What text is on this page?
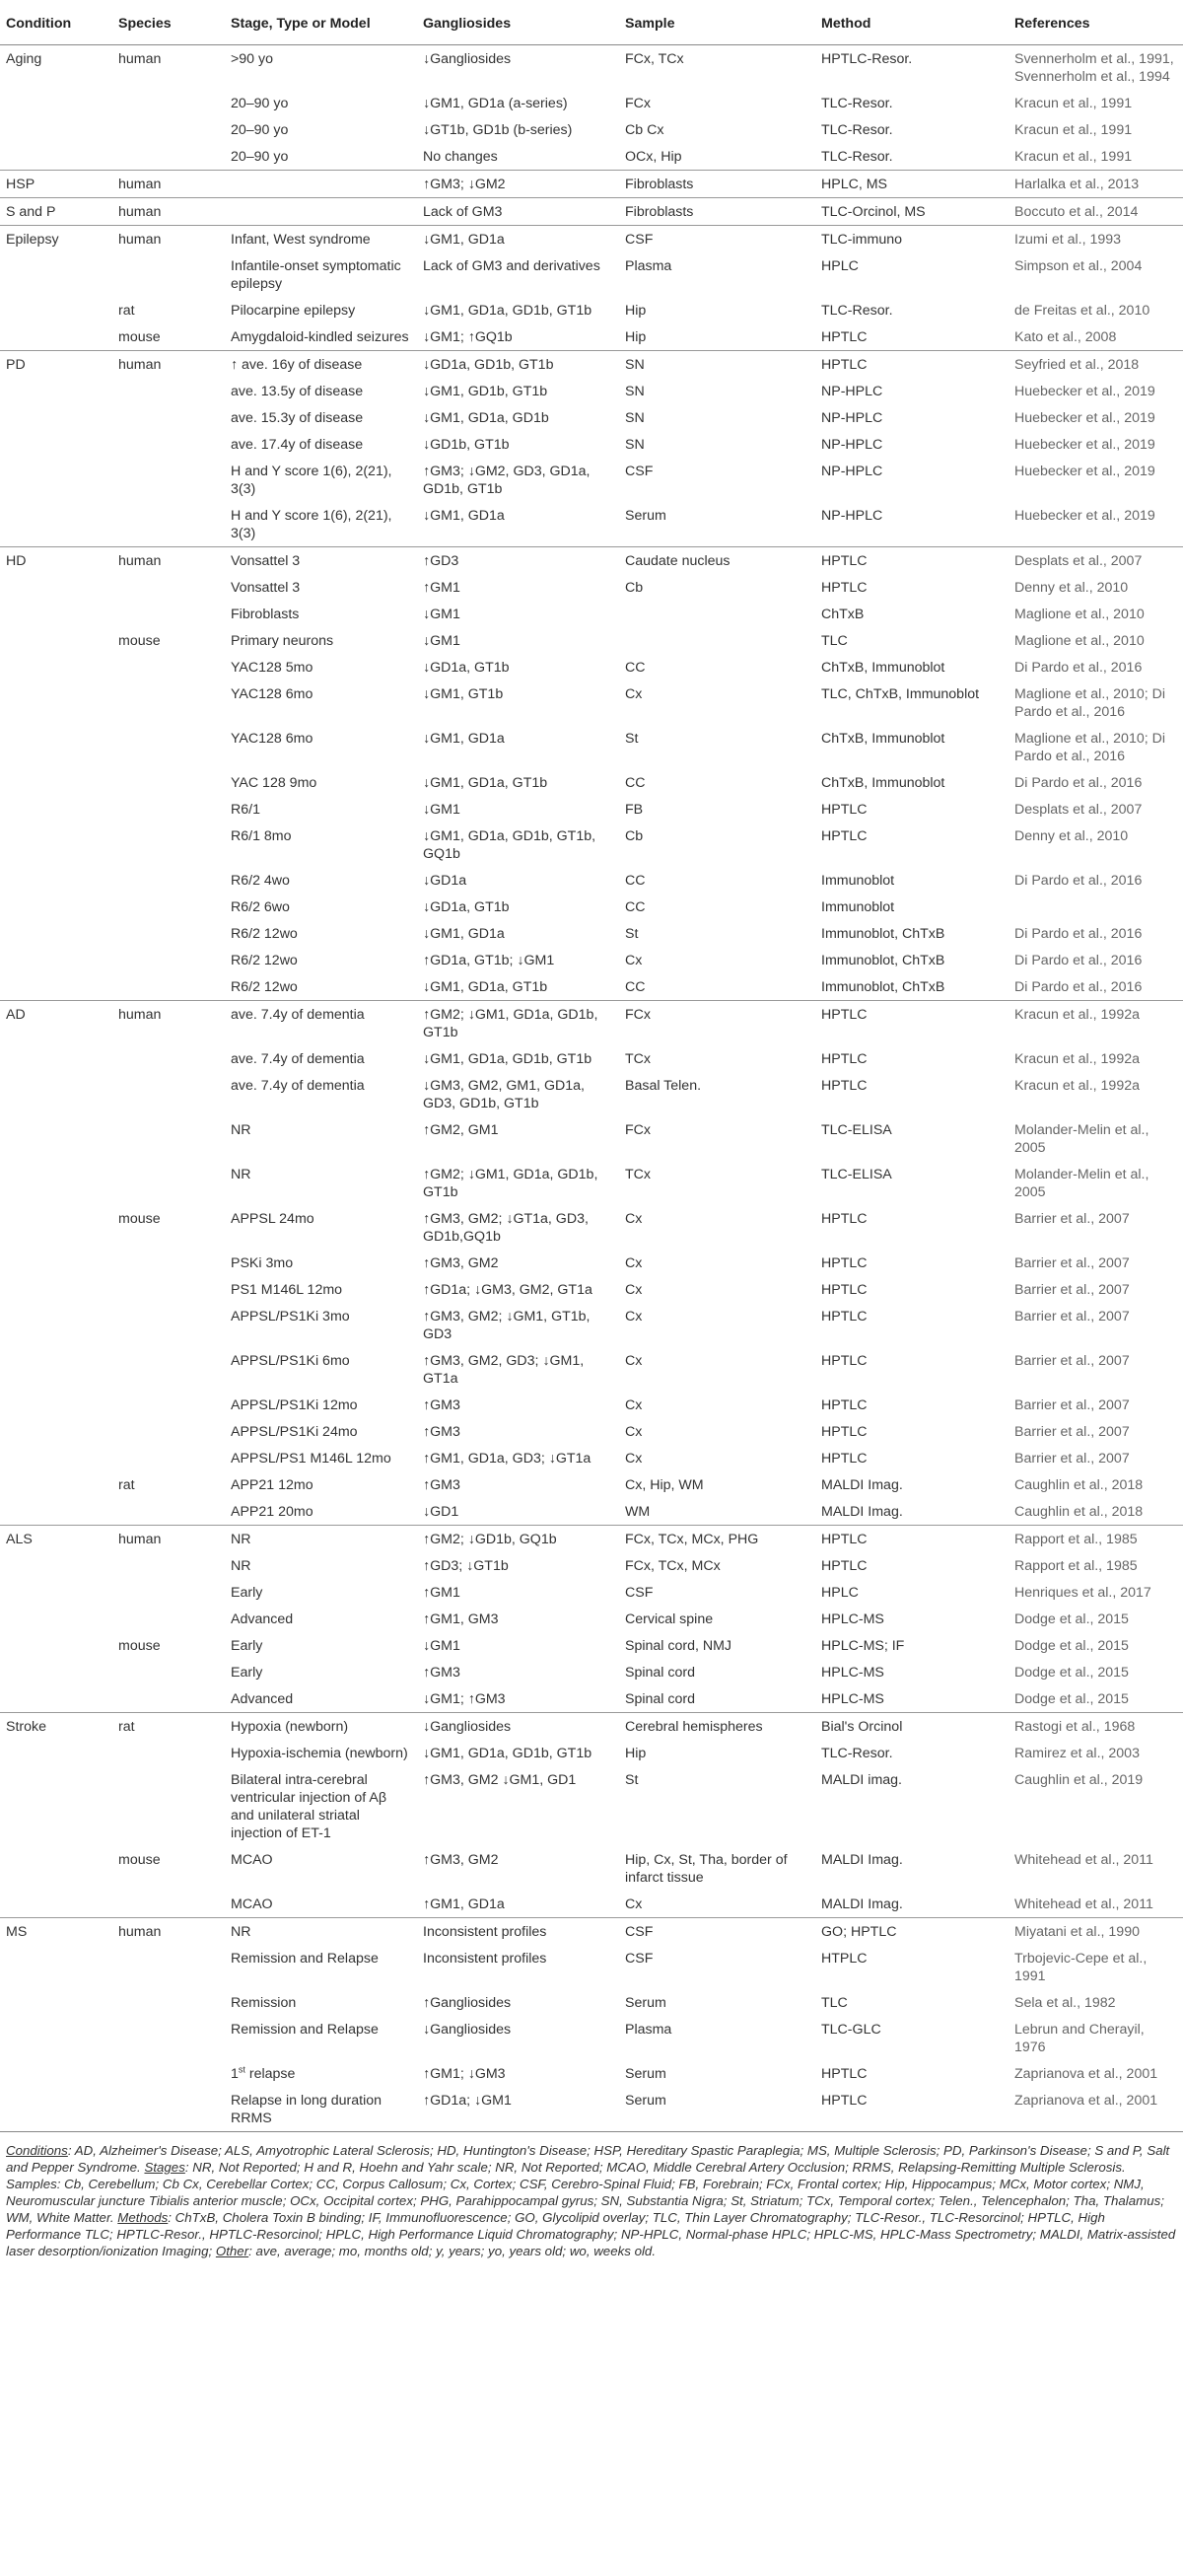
Condition	Species	Stage, Type or Model	Gangliosides	Sample	Method	References
Aging	human	>90 yo	↓Gangliosides	FCx, TCx	HPTLC-Resor.	Svennerholm et al., 1991, Svennerholm et al., 1994
		20–90 yo	↓GM1, GD1a (a-series)	FCx	TLC-Resor.	Kracun et al., 1991
		20–90 yo	↓GT1b, GD1b (b-series)	Cb Cx	TLC-Resor.	Kracun et al., 1991
		20–90 yo	No changes	OCx, Hip	TLC-Resor.	Kracun et al., 1991
HSP	human		↑GM3; ↓GM2	Fibroblasts	HPLC, MS	Harlalka et al., 2013
S and P	human		Lack of GM3	Fibroblasts	TLC-Orcinol, MS	Boccuto et al., 2014
Epilepsy	human	Infant, West syndrome	↓GM1, GD1a	CSF	TLC-immuno	Izumi et al., 1993
		Infantile-onset symptomatic epilepsy	Lack of GM3 and derivatives	Plasma	HPLC	Simpson et al., 2004
	rat	Pilocarpine epilepsy	↓GM1, GD1a, GD1b, GT1b	Hip	TLC-Resor.	de Freitas et al., 2010
	mouse	Amygdaloid-kindled seizures	↓GM1; ↑GQ1b	Hip	HPTLC	Kato et al., 2008
PD	human	↑ ave. 16y of disease	↓GD1a, GD1b, GT1b	SN	HPTLC	Seyfried et al., 2018
		ave. 13.5y of disease	↓GM1, GD1b, GT1b	SN	NP-HPLC	Huebecker et al., 2019
		ave. 15.3y of disease	↓GM1, GD1a, GD1b	SN	NP-HPLC	Huebecker et al., 2019
		ave. 17.4y of disease	↓GD1b, GT1b	SN	NP-HPLC	Huebecker et al., 2019
		H and Y score 1(6), 2(21), 3(3)	↑GM3; ↓GM2, GD3, GD1a, GD1b, GT1b	CSF	NP-HPLC	Huebecker et al., 2019
		H and Y score 1(6), 2(21), 3(3)	↓GM1, GD1a	Serum	NP-HPLC	Huebecker et al., 2019
HD	human	Vonsattel 3	↑GD3	Caudate nucleus	HPTLC	Desplats et al., 2007
		Vonsattel 3	↑GM1	Cb	HPTLC	Denny et al., 2010
		Fibroblasts	↓GM1		ChTxB	Maglione et al., 2010
	mouse	Primary neurons	↓GM1		TLC	Maglione et al., 2010
		YAC128 5mo	↓GD1a, GT1b	CC	ChTxB, Immunoblot	Di Pardo et al., 2016
		YAC128 6mo	↓GM1, GT1b	Cx	TLC, ChTxB, Immunoblot	Maglione et al., 2010; Di Pardo et al., 2016
		YAC128 6mo	↓GM1, GD1a	St	ChTxB, Immunoblot	Maglione et al., 2010; Di Pardo et al., 2016
		YAC 128 9mo	↓GM1, GD1a, GT1b	CC	ChTxB, Immunoblot	Di Pardo et al., 2016
		R6/1	↓GM1	FB	HPTLC	Desplats et al., 2007
		R6/1 8mo	↓GM1, GD1a, GD1b, GT1b, GQ1b	Cb	HPTLC	Denny et al., 2010
		R6/2 4wo	↓GD1a	CC	Immunoblot	Di Pardo et al., 2016
		R6/2 6wo	↓GD1a, GT1b	CC	Immunoblot	
		R6/2 12wo	↓GM1, GD1a	St	Immunoblot, ChTxB	Di Pardo et al., 2016
		R6/2 12wo	↑GD1a, GT1b; ↓GM1	Cx	Immunoblot, ChTxB	Di Pardo et al., 2016
		R6/2 12wo	↓GM1, GD1a, GT1b	CC	Immunoblot, ChTxB	Di Pardo et al., 2016
AD	human	ave. 7.4y of dementia	↑GM2; ↓GM1, GD1a, GD1b, GT1b	FCx	HPTLC	Kracun et al., 1992a
		ave. 7.4y of dementia	↓GM1, GD1a, GD1b, GT1b	TCx	HPTLC	Kracun et al., 1992a
		ave. 7.4y of dementia	↓GM3, GM2, GM1, GD1a, GD3, GD1b, GT1b	Basal Telen.	HPTLC	Kracun et al., 1992a
		NR	↑GM2, GM1	FCx	TLC-ELISA	Molander-Melin et al., 2005
		NR	↑GM2; ↓GM1, GD1a, GD1b, GT1b	TCx	TLC-ELISA	Molander-Melin et al., 2005
	mouse	APPSL 24mo	↑GM3, GM2; ↓GT1a, GD3, GD1b,GQ1b	Cx	HPTLC	Barrier et al., 2007
		PSKi 3mo	↑GM3, GM2	Cx	HPTLC	Barrier et al., 2007
		PS1 M146L 12mo	↑GD1a; ↓GM3, GM2, GT1a	Cx	HPTLC	Barrier et al., 2007
		APPSL/PS1Ki 3mo	↑GM3, GM2; ↓GM1, GT1b, GD3	Cx	HPTLC	Barrier et al., 2007
		APPSL/PS1Ki 6mo	↑GM3, GM2, GD3; ↓GM1, GT1a	Cx	HPTLC	Barrier et al., 2007
		APPSL/PS1Ki 12mo	↑GM3	Cx	HPTLC	Barrier et al., 2007
		APPSL/PS1Ki 24mo	↑GM3	Cx	HPTLC	Barrier et al., 2007
		APPSL/PS1 M146L 12mo	↑GM1, GD1a, GD3; ↓GT1a	Cx	HPTLC	Barrier et al., 2007
	rat	APP21 12mo	↑GM3	Cx, Hip, WM	MALDI Imag.	Caughlin et al., 2018
		APP21 20mo	↓GD1	WM	MALDI Imag.	Caughlin et al., 2018
ALS	human	NR	↑GM2; ↓GD1b, GQ1b	FCx, TCx, MCx, PHG	HPTLC	Rapport et al., 1985
		NR	↑GD3; ↓GT1b	FCx, TCx, MCx	HPTLC	Rapport et al., 1985
		Early	↑GM1	CSF	HPLC	Henriques et al., 2017
		Advanced	↑GM1, GM3	Cervical spine	HPLC-MS	Dodge et al., 2015
	mouse	Early	↓GM1	Spinal cord, NMJ	HPLC-MS; IF	Dodge et al., 2015
		Early	↑GM3	Spinal cord	HPLC-MS	Dodge et al., 2015
		Advanced	↓GM1; ↑GM3	Spinal cord	HPLC-MS	Dodge et al., 2015
Stroke	rat	Hypoxia (newborn)	↓Gangliosides	Cerebral hemispheres	Bial's Orcinol	Rastogi et al., 1968
		Hypoxia-ischemia (newborn)	↓GM1, GD1a, GD1b, GT1b	Hip	TLC-Resor.	Ramirez et al., 2003
		Bilateral intra-cerebral ventricular injection of Aβ and unilateral striatal injection of ET-1	↑GM3, GM2 ↓GM1, GD1	St	MALDI imag.	Caughlin et al., 2019
	mouse	MCAO	↑GM3, GM2	Hip, Cx, St, Tha, border of infarct tissue	MALDI Imag.	Whitehead et al., 2011
		MCAO	↑GM1, GD1a	Cx	MALDI Imag.	Whitehead et al., 2011
MS	human	NR	Inconsistent profiles	CSF	GO; HPTLC	Miyatani et al., 1990
		Remission and Relapse	Inconsistent profiles	CSF	HTPLC	Trbojevic-Cepe et al., 1991
		Remission	↑Gangliosides	Serum	TLC	Sela et al., 1982
		Remission and Relapse	↓Gangliosides	Plasma	TLC-GLC	Lebrun and Cherayil, 1976
		1st relapse	↑GM1; ↓GM3	Serum	HPTLC	Zaprianova et al., 2001
		Relapse in long duration RRMS	↑GD1a; ↓GM1	Serum	HPTLC	Zaprianova et al., 2001
Conditions: AD, Alzheimer's Disease; ALS, Amyotrophic Lateral Sclerosis; HD, Huntington's Disease; HSP, Hereditary Spastic Paraplegia; MS, Multiple Sclerosis; PD, Parkinson's Disease; S and P, Salt and Pepper Syndrome. Stages: NR, Not Reported; H and R, Hoehn and Yahr scale; NR, Not Reported; MCAO, Middle Cerebral Artery Occlusion; RRMS, Relapsing-Remitting Multiple Sclerosis. Samples: Cb, Cerebellum; Cb Cx, Cerebellar Cortex; CC, Corpus Callosum; Cx, Cortex; CSF, Cerebro-Spinal Fluid; FB, Forebrain; FCx, Frontal cortex; Hip, Hippocampus; MCx, Motor cortex; NMJ, Neuromuscular juncture Tibialis anterior muscle; OCx, Occipital cortex; PHG, Parahippocampal gyrus; SN, Substantia Nigra; St, Striatum; TCx, Temporal cortex; Telen., Telencephalon; Tha, Thalamus; WM, White Matter. Methods: ChTxB, Cholera Toxin B binding; IF, Immunofluorescence; GO, Glycolipid overlay; TLC, Thin Layer Chromatography; TLC-Resor., TLC-Resorcinol; HPTLC, High Performance TLC; HPTLC-Resor., HPTLC-Resorcinol; HPLC, High Performance Liquid Chromatography; NP-HPLC, Normal-phase HPLC; HPLC-MS, HPLC-Mass Spectrometry; MALDI, Matrix-assisted laser desorption/ionization Imaging; Other: ave, average; mo, months old; y, years; yo, years old; wo, weeks old.
